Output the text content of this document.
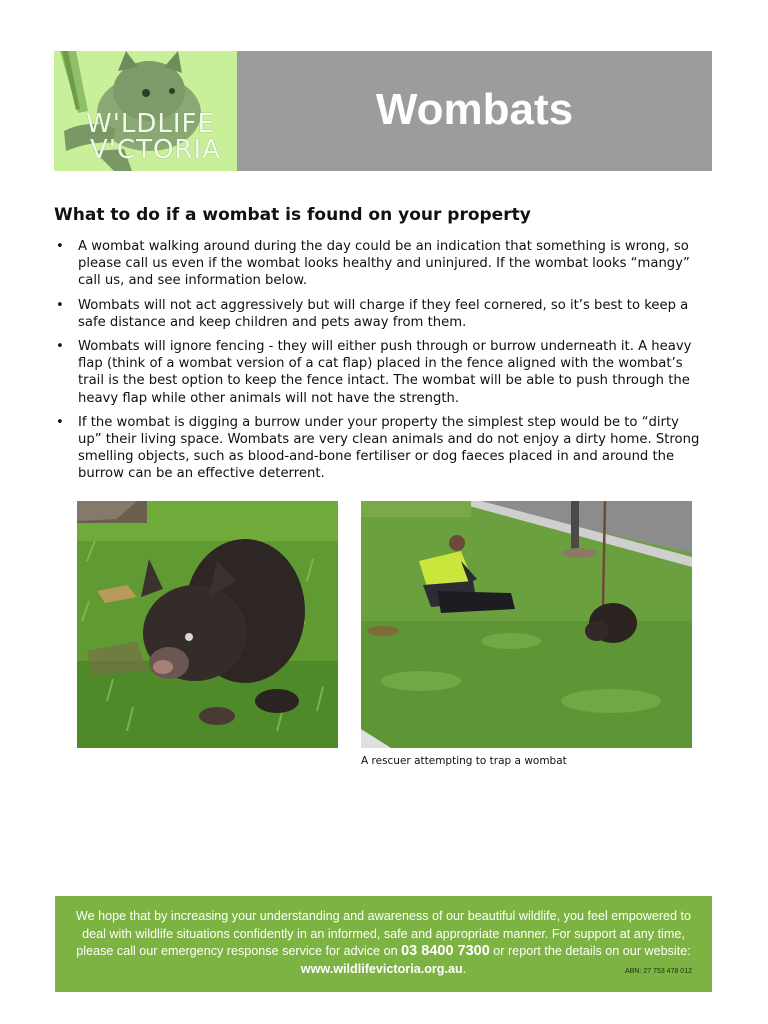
W'LDLIFE
V'CTORIA
Wombats
What to do if a wombat is found on your property
• A wombat walking around during the day could be an indication that something is wrong, so please call us even if the wombat looks healthy and uninjured. If the wombat looks “mangy” call us, and see information below.
• Wombats will not act aggressively but will charge if they feel cornered, so it’s best to keep a safe distance and keep children and pets away from them.
• Wombats will ignore fencing - they will either push through or burrow underneath it. A heavy flap (think of a wombat version of a cat flap) placed in the fence aligned with the wombat’s trail is the best option to keep the fence intact. The wombat will be able to push through the heavy flap while other animals will not have the strength.
• If the wombat is digging a burrow under your property the simplest step would be to “dirty up” their living space. Wombats are very clean animals and do not enjoy a dirty home. Strong smelling objects, such as blood-and-bone fertiliser or dog faeces placed in and around the burrow can be an effective deterrent.
A rescuer attempting to trap a wombat
We hope that by increasing your understanding and awareness of our beautiful wildlife, you feel empowered to deal with wildlife situations confidently in an informed, safe and appropriate manner. For support at any time, please call our emergency response service for advice on 03 8400 7300 or report the details on our website: www.wildlifevictoria.org.au.	ABN: 27 753 478 012
